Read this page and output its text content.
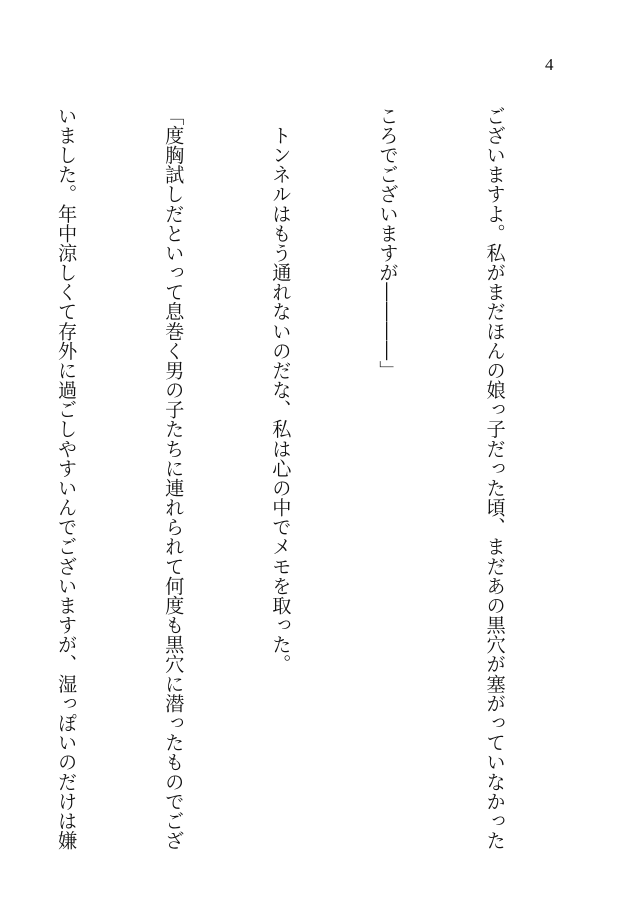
4

ございますよ。私がまだほんの娘っ子だった頃、まだあの黒穴が塞がっていなかった

ころでございますが――――」

　トンネルはもう通れないのだな、私は心の中でメモを取った。

「度胸試しだといって息巻く男の子たちに連れられて何度も黒穴に潜ったものでござ

いました。年中涼しくて存外に過ごしやすいんでございますが、湿っぽいのだけは嫌
